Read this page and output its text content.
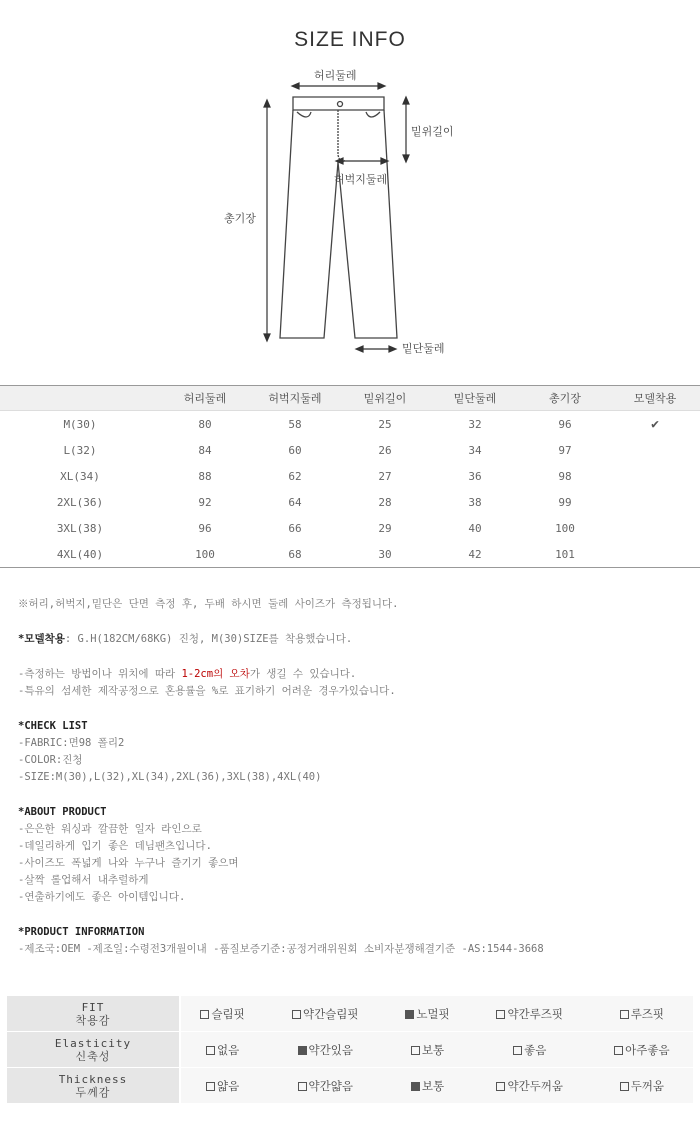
SIZE INFO
허리둘레
밑위길이
허벅지둘레
총기장
밑단둘레
	허리둘레	허벅지둘레	밑위길이	밑단둘레	총기장	모델착용
M(30)	80	58	25	32	96	✔
L(32)	84	60	26	34	97	
XL(34)	88	62	27	36	98	
2XL(36)	92	64	28	38	99	
3XL(38)	96	66	29	40	100	
4XL(40)	100	68	30	42	101	

※허리,허벅지,밑단은 단면 측정 후, 두배 하시면 둘레 사이즈가 측정됩니다.

*모델착용: G.H(182CM/68KG) 진청, M(30)SIZE를 착용했습니다.

-측정하는 방법이나 위치에 따라 1-2cm의 오차가 생길 수 있습니다.

-특유의 섬세한 제작공정으로 혼용률을 %로 표기하기 어려운 경우가있습니다.

*CHECK LIST

-FABRIC:면98 폴리2

-COLOR:진청

-SIZE:M(30),L(32),XL(34),2XL(36),3XL(38),4XL(40)

*ABOUT PRODUCT

-은은한 워싱과 깔끔한 일자 라인으로

-데일리하게 입기 좋은 데님팬츠입니다.

-사이즈도 폭넓게 나와 누구나 즐기기 좋으며

-살짝 롤업해서 내추럴하게

-연출하기에도 좋은 아이템입니다.

*PRODUCT INFORMATION

-제조국:OEM -제조일:수령전3개월이내 -품질보증기준:공정거래위원회 소비자분쟁해결기준 -AS:1544-3668

FIT
착용감	슬림핏	약간슬림핏	노멀핏	약간루즈핏	루즈핏

Elasticity
신축성	없음	약간있음	보통	좋음	아주좋음

Thickness
두께감	얇음	약간얇음	보통	약간두꺼움	두꺼움
